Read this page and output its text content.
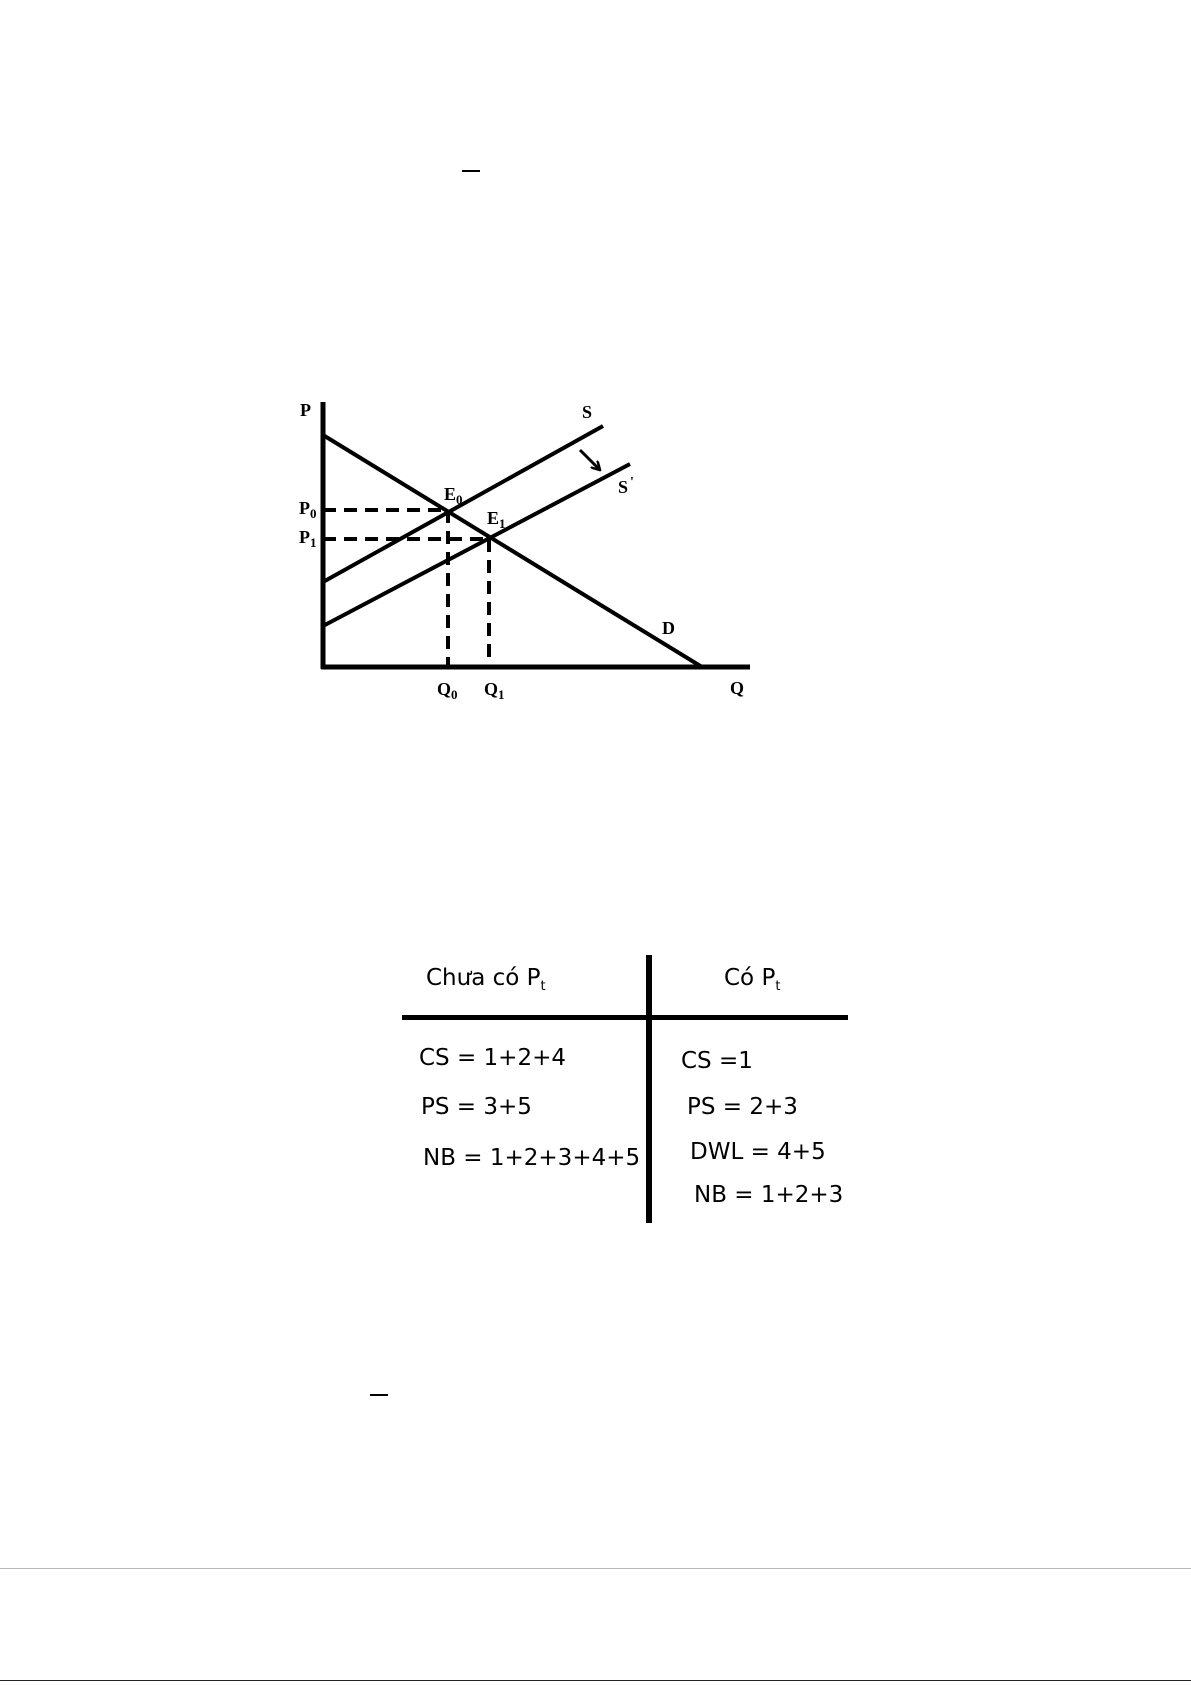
P
Q
S
S '
D
$E_0$
$E_1$
$P_0$
$P_1$
$Q_0$ $Q_1$
Chưa có $P_t$	Có $P_t$
CS = 1+2+4
PS = 3+5
NB = 1+2+3+4+5
CS =1
PS = 2+3
DWL = 4+5
NB = 1+2+3
